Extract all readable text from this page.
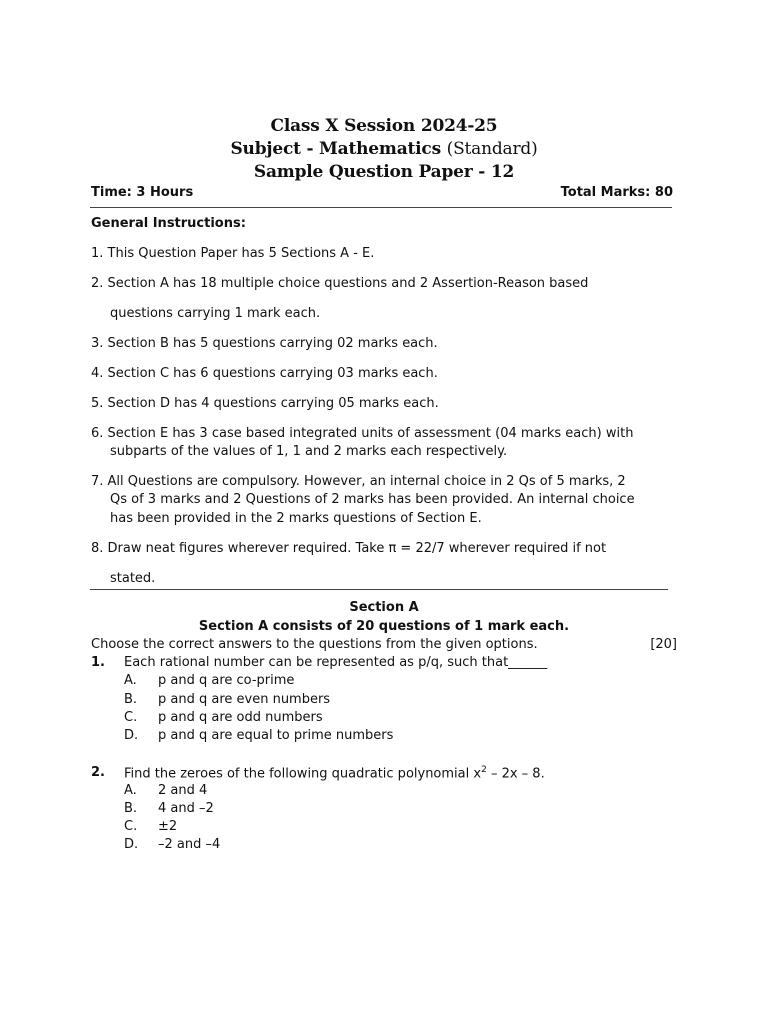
Class X Session 2024-25
Subject - Mathematics (Standard)
Sample Question Paper - 12
Time: 3 Hours	Total Marks: 80
General Instructions:
1. This Question Paper has 5 Sections A - E.
2. Section A has 18 multiple choice questions and 2 Assertion-Reason based
questions carrying 1 mark each.
3. Section B has 5 questions carrying 02 marks each.
4. Section C has 6 questions carrying 03 marks each.
5. Section D has 4 questions carrying 05 marks each.
6. Section E has 3 case based integrated units of assessment (04 marks each) with
subparts of the values of 1, 1 and 2 marks each respectively.
7. All Questions are compulsory. However, an internal choice in 2 Qs of 5 marks, 2
Qs of 3 marks and 2 Questions of 2 marks has been provided. An internal choice
has been provided in the 2 marks questions of Section E.
8. Draw neat figures wherever required. Take π = 22/7 wherever required if not
stated.
Section A
Section A consists of 20 questions of 1 mark each.
Choose the correct answers to the questions from the given options.	[20]
1. Each rational number can be represented as p/q, such that______
A. p and q are co-prime
B. p and q are even numbers
C. p and q are odd numbers
D. p and q are equal to prime numbers
2. Find the zeroes of the following quadratic polynomial $x^2 - 2x - 8$.
A. 2 and 4
B. 4 and –2
C. ±2
D. –2 and –4
